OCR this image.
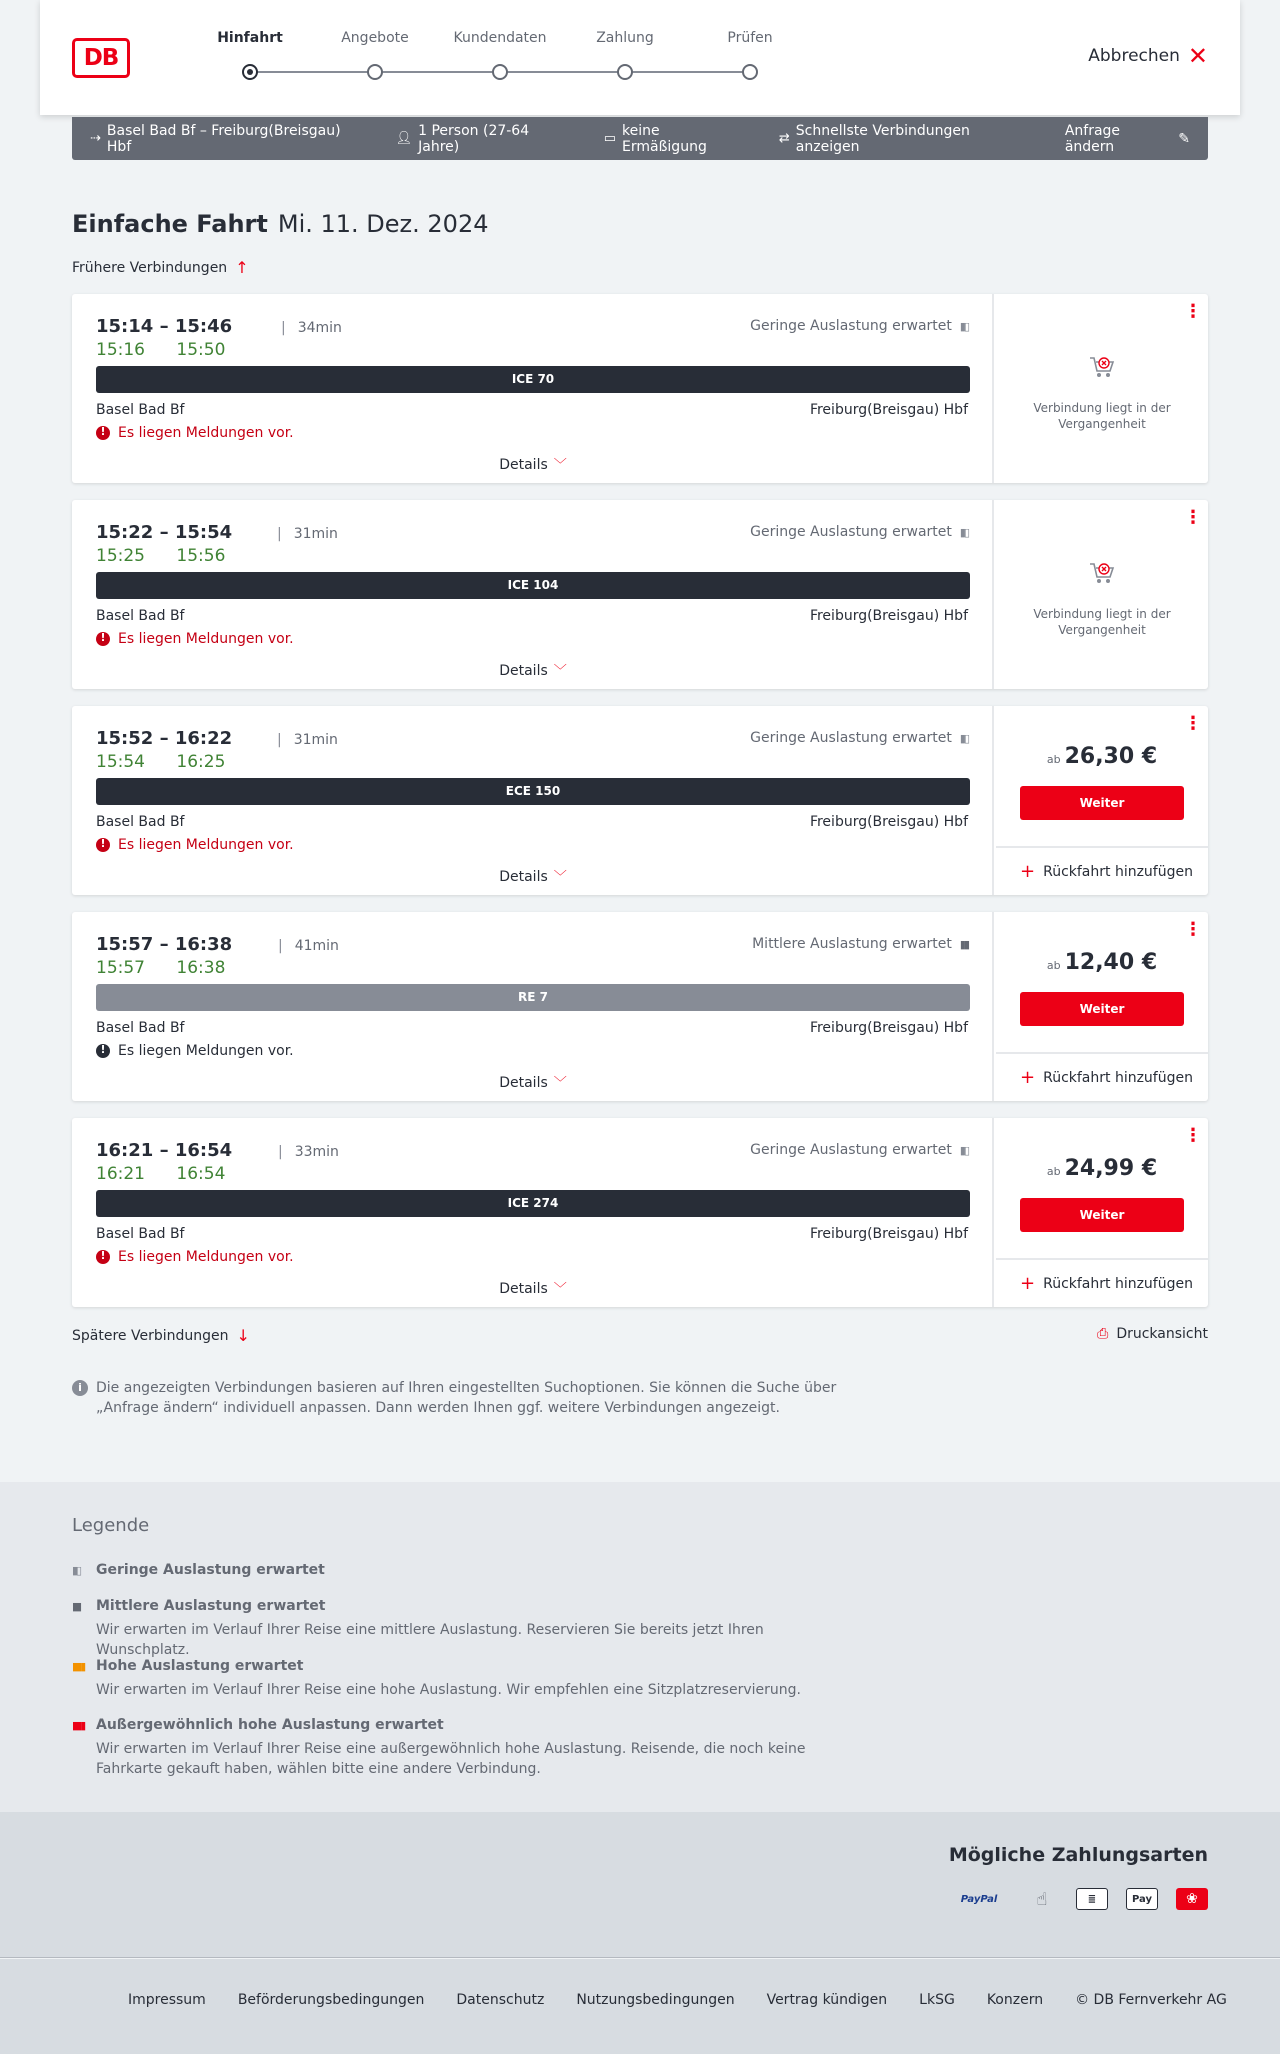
DB
Hinfahrt	Angebote	Kundendaten	Zahlung	Prüfen
Abbrechen ✕
⇢ Basel Bad Bf – Freiburg(Breisgau) Hbf	👤︎ 1 Person (27-64 Jahre)	▭ keine Ermäßigung	⇄ Schnellste Verbindungen anzeigen
Anfrage ändern	✎
Einfache Fahrt Mi. 11. Dez. 2024
Frühere Verbindungen ↑
15:14 – 15:46	| 34min
15:16 15:50
Geringe Auslastung erwartet ▮▯
ICE 70
Basel Bad Bf	Freiburg(Breisgau) Hbf
!
Es liegen Meldungen vor.
Details ﹀
⋮
Verbindung liegt in der Vergangenheit
15:22 – 15:54	| 31min
15:25 15:56
Geringe Auslastung erwartet ▮▯
ICE 104
Basel Bad Bf	Freiburg(Breisgau) Hbf
!
Es liegen Meldungen vor.
Details ﹀
⋮
Verbindung liegt in der Vergangenheit
15:52 – 16:22	| 31min
15:54 16:25
Geringe Auslastung erwartet ▮▯
ECE 150
Basel Bad Bf	Freiburg(Breisgau) Hbf
!
Es liegen Meldungen vor.
Details ﹀
⋮
ab 26,30 €
Weiter
+ Rückfahrt hinzufügen
15:57 – 16:38	| 41min
15:57 16:38
Mittlere Auslastung erwartet ▮▮
RE 7
Basel Bad Bf	Freiburg(Breisgau) Hbf
!
Es liegen Meldungen vor.
Details ﹀
⋮
ab 12,40 €
Weiter
+ Rückfahrt hinzufügen
16:21 – 16:54	| 33min
16:21 16:54
Geringe Auslastung erwartet ▮▯
ICE 274
Basel Bad Bf	Freiburg(Breisgau) Hbf
!
Es liegen Meldungen vor.
Details ﹀
⋮
ab 24,99 €
Weiter
+ Rückfahrt hinzufügen
Spätere Verbindungen ↓	⎙ Druckansicht
i	Die angezeigten Verbindungen basieren auf Ihren eingestellten Suchoptionen. Sie können die Suche über „Anfrage ändern“ individuell anpassen. Dann werden Ihnen ggf. weitere Verbindungen angezeigt.
Legende
▮▯	Geringe Auslastung erwartet
▮▮	Mittlere Auslastung erwartet
Wir erwarten im Verlauf Ihrer Reise eine mittlere Auslastung. Reservieren Sie bereits jetzt Ihren Wunschplatz.
▮▮▮ Hohe Auslastung erwartet
Wir erwarten im Verlauf Ihrer Reise eine hohe Auslastung. Wir empfehlen eine Sitzplatzreservierung.
▮▮▮ Außergewöhnlich hohe Auslastung erwartet
Wir erwarten im Verlauf Ihrer Reise eine außergewöhnlich hohe Auslastung. Reisende, die noch keine Fahrkarte gekauft haben, wählen bitte eine andere Verbindung.
Mögliche Zahlungsarten
PayPal	☝︎	≣	Pay	❀
Impressum Beförderungsbedingungen Datenschutz Nutzungsbedingungen Vertrag kündigen LkSG Konzern © DB Fernverkehr AG
